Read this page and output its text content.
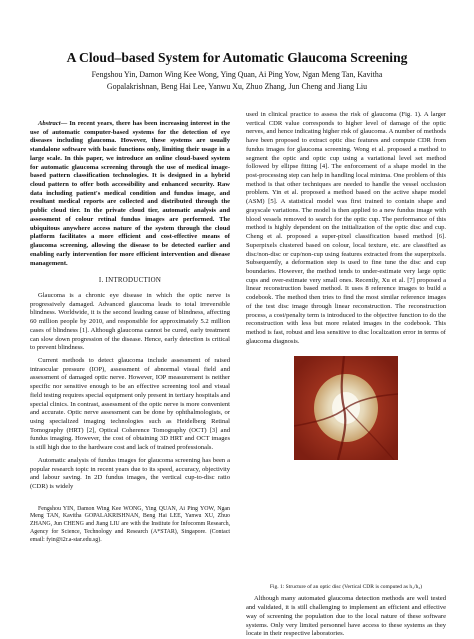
A Cloud–based System for Automatic Glaucoma Screening
Fengshou Yin, Damon Wing Kee Wong, Ying Quan, Ai Ping Yow, Ngan Meng Tan, Kavitha
Gopalakrishnan, Beng Hai Lee, Yanwu Xu, Zhuo Zhang, Jun Cheng and Jiang Liu

Abstract— In recent years, there has been increasing interest in the use of automatic computer-based systems for the detection of eye diseases including glaucoma. However, these systems are usually standalone software with basic functions only, limiting their usage in a large scale. In this paper, we introduce an online cloud-based system for automatic glaucoma screening through the use of medical image-based pattern classification technologies. It is designed in a hybrid cloud pattern to offer both accessibility and enhanced security. Raw data including patient's medical condition and fundus image, and resultant medical reports are collected and distributed through the public cloud tier. In the private cloud tier, automatic analysis and assessment of colour retinal fundus images are performed. The ubiquitous anywhere access nature of the system through the cloud platform facilitates a more efficient and cost-effective means of glaucoma screening, allowing the disease to be detected earlier and enabling early intervention for more efficient intervention and disease management.

I. INTRODUCTION

Glaucoma is a chronic eye disease in which the optic nerve is progressively damaged. Advanced glaucoma leads to total irreversible blindness. Worldwide, it is the second leading cause of blindness, affecting 60 million people by 2010, and responsible for approximately 5.2 million cases of blindness [1]. Although glaucoma cannot be cured, early treatment can slow down progression of the disease. Hence, early detection is critical to prevent blindness.

Current methods to detect glaucoma include assessment of raised intraocular pressure (IOP), assessment of abnormal visual field and assessment of damaged optic nerve. However, IOP measurement is neither specific nor sensitive enough to be an effective screening tool and visual field testing requires special equipment only present in tertiary hospitals and special clinics. In contrast, assessment of the optic nerve is more convenient and accurate. Optic nerve assessment can be done by ophthalmologists, or using specialized imaging technologies such as Heidelberg Retinal Tomography (HRT) [2], Optical Coherence Tomography (OCT) [3] and fundus imaging. However, the cost of obtaining 3D HRT and OCT images is still high due to the hardware cost and lack of trained professionals.

Automatic analysis of fundus images for glaucoma screening has been a popular research topic in recent years due to its speed, accuracy, objectivity and labour saving. In 2D fundus images, the vertical cup-to-disc ratio (CDR) is widely

Fengshou YIN, Damon Wing Kee WONG, Ying QUAN, Ai Ping YOW, Ngan Meng TAN, Kavitha GOPALAKRISHNAN, Beng Hai LEE, Yanwu XU, Zhuo ZHANG, Jun CHENG and Jiang LIU are with the Institute for Infocomm Research, Agency for Science, Technology and Research (A*STAR), Singapore. (Contact email: fyin@i2r.a-star.edu.sg).

used in clinical practice to assess the risk of glaucoma (Fig. 1). A larger vertical CDR value corresponds to higher level of damage of the optic nerves, and hence indicating higher risk of glaucoma. A number of methods have been proposed to extract optic disc features and compute CDR from fundus images for glaucoma screening. Wong et al. proposed a method to segment the optic and optic cup using a variational level set method followed by ellipse fitting [4]. The enforcement of a shape model in the post-processing step can help in handling local minima. One problem of this method is that other techniques are needed to handle the vessel occlusion problem. Yin et al. proposed a method based on the active shape model (ASM) [5]. A statistical model was first trained to contain shape and grayscale variations. The model is then applied to a new fundus image with blood vessels removed to search for the optic cup. The performance of this method is highly dependent on the initialization of the optic disc and cup. Cheng et al. proposed a super-pixel classification based method [6]. Superpixels clustered based on colour, local texture, etc. are classified as disc/non-disc or cup/non-cup using features extracted from the superpixels. Subsequently, a deformation step is used to fine tune the disc and cup boundaries. However, the method tends to under-estimate very large optic cups and over-estimate very small ones. Recently, Xu et al. [7] proposed a linear reconstruction based method. It uses 8 reference images to build a codebook. The method then tries to find the most similar reference images of the test disc image through linear reconstruction. The reconstruction process, a cost/penalty term is introduced to the objective function to do the reconstruction with less but more related images in the codebook. This method is fast, robust and less sensitive to disc localization error in terms of glaucoma diagnosis.

Fig. 1: Structure of an optic disc (Vertical CDR is computed as h₁/h₂)

Although many automated glaucoma detection methods are well tested and validated, it is still challenging to implement an efficient and effective way of screening the population due to the local nature of these software systems. Only very limited personnel have access to these systems as they locate in their respective laboratories.
